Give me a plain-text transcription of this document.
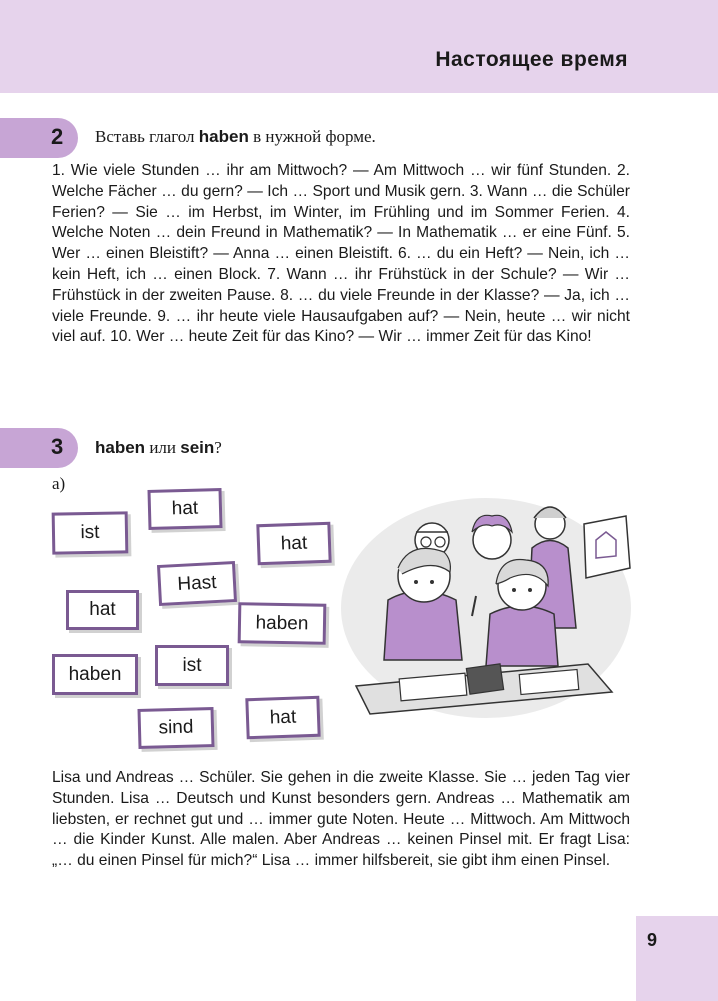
Настоящее время
2 Вставь глагол haben в нужной форме.

1. Wie viele Stunden … ihr am Mittwoch? — Am Mittwoch … wir fünf Stunden. 2. Welche Fächer … du gern? — Ich … Sport und Musik gern. 3. Wann … die Schüler Ferien? — Sie … im Herbst, im Winter, im Frühling und im Sommer Ferien. 4. Welche Noten … dein Freund in Mathematik? — In Mathematik … er eine Fünf. 5. Wer … einen Bleistift? — Anna … einen Bleistift. 6. … du ein Heft? — Nein, ich … kein Heft, ich … einen Block. 7. Wann … ihr Frühstück in der Schule? — Wir … Frühstück in der zweiten Pause. 8. … du viele Freunde in der Klasse? — Ja, ich … viele Freunde. 9. … ihr heute viele Hausaufgaben auf? — Nein, heute … wir nicht viel auf. 10. Wer … heute Zeit für das Kino? — Wir … immer Zeit für das Kino!

3 haben или sein?
а)
hat
ist	hat
Hast
hat
haben
haben	ist
hat
sind

Lisa und Andreas … Schüler. Sie gehen in die zweite Klasse. Sie … jeden Tag vier Stunden. Lisa … Deutsch und Kunst besonders gern. Andreas … Mathematik am liebsten, er rechnet gut und … immer gute Noten. Heute … Mittwoch. Am Mittwoch … die Kinder Kunst. Alle malen. Aber Andreas … keinen Pinsel mit. Er fragt Lisa: „… du einen Pinsel für mich?“ Lisa … immer hilfsbereit, sie gibt ihm einen Pinsel.

9
